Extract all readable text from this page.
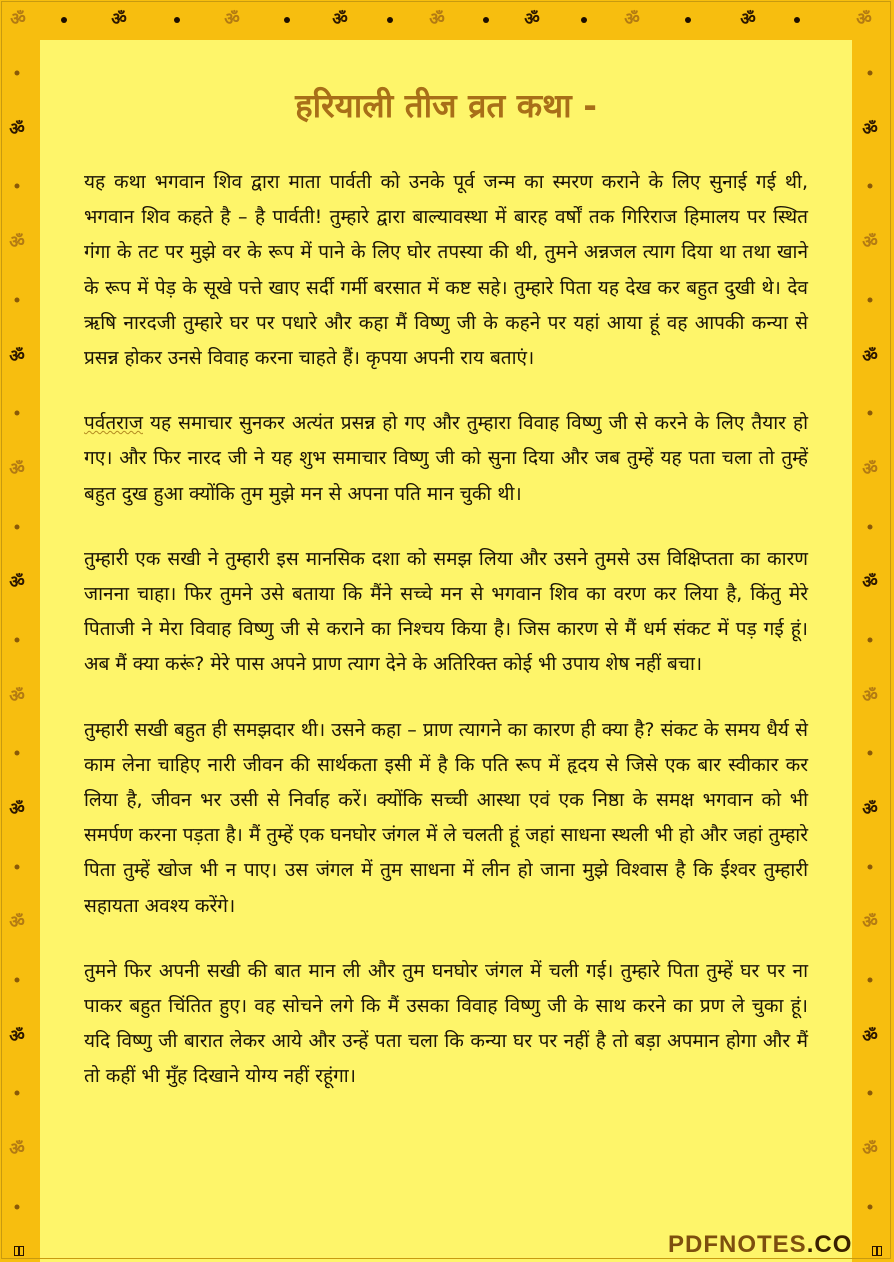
हरियाली तीज व्रत कथा -

यह कथा भगवान शिव द्वारा माता पार्वती को उनके पूर्व जन्म का स्मरण कराने के लिए सुनाई गई थी, भगवान शिव कहते है – है पार्वती! तुम्हारे द्वारा बाल्यावस्था में बारह वर्षों तक गिरिराज हिमालय पर स्थित गंगा के तट पर मुझे वर के रूप में पाने के लिए घोर तपस्या की थी, तुमने अन्नजल त्याग दिया था तथा खाने के रूप में पेड़ के सूखे पत्ते खाए सर्दी गर्मी बरसात में कष्ट सहे। तुम्हारे पिता यह देख कर बहुत दुखी थे। देव ऋषि नारदजी तुम्हारे घर पर पधारे और कहा मैं विष्णु जी के कहने पर यहां आया हूं वह आपकी कन्या से प्रसन्न होकर उनसे विवाह करना चाहते हैं। कृपया अपनी राय बताएं।

पर्वतराज यह समाचार सुनकर अत्यंत प्रसन्न हो गए और तुम्हारा विवाह विष्णु जी से करने के लिए तैयार हो गए। और फिर नारद जी ने यह शुभ समाचार विष्णु जी को सुना दिया और जब तुम्हें यह पता चला तो तुम्हें बहुत दुख हुआ क्योंकि तुम मुझे मन से अपना पति मान चुकी थी।

तुम्हारी एक सखी ने तुम्हारी इस मानसिक दशा को समझ लिया और उसने तुमसे उस विक्षिप्तता का कारण जानना चाहा। फिर तुमने उसे बताया कि मैंने सच्चे मन से भगवान शिव का वरण कर लिया है, किंतु मेरे पिताजी ने मेरा विवाह विष्णु जी से कराने का निश्चय किया है। जिस कारण से मैं धर्म संकट में पड़ गई हूं। अब मैं क्या करूं? मेरे पास अपने प्राण त्याग देने के अतिरिक्त कोई भी उपाय शेष नहीं बचा।

तुम्हारी सखी बहुत ही समझदार थी। उसने कहा – प्राण त्यागने का कारण ही क्या है? संकट के समय धैर्य से काम लेना चाहिए नारी जीवन की सार्थकता इसी में है कि पति रूप में हृदय से जिसे एक बार स्वीकार कर लिया है, जीवन भर उसी से निर्वाह करें। क्योंकि सच्ची आस्था एवं एक निष्ठा के समक्ष भगवान को भी समर्पण करना पड़ता है। मैं तुम्हें एक घनघोर जंगल में ले चलती हूं जहां साधना स्थली भी हो और जहां तुम्हारे पिता तुम्हें खोज भी न पाए। उस जंगल में तुम साधना में लीन हो जाना मुझे विश्वास है कि ईश्वर तुम्हारी सहायता अवश्य करेंगे।

तुमने फिर अपनी सखी की बात मान ली और तुम घनघोर जंगल में चली गई। तुम्हारे पिता तुम्हें घर पर ना पाकर बहुत चिंतित हुए। वह सोचने लगे कि मैं उसका विवाह विष्णु जी के साथ करने का प्रण ले चुका हूं। यदि विष्णु जी बारात लेकर आये और उन्हें पता चला कि कन्या घर पर नहीं है तो बड़ा अपमान होगा और मैं तो कहीं भी मुँह दिखाने योग्य नहीं रहूंगा।

PDFNOTES.CO
ॐ	ॐ	ॐ	ॐ	ॐ	ॐ	ॐ	ॐ	ॐ
ॐ	ॐ
ॐ	ॐ
ॐ	ॐ
ॐ	ॐ
ॐ	ॐ
ॐ	ॐ
ॐ	ॐ
ॐ	ॐ
ॐ	ॐ
ॐ	ॐ
